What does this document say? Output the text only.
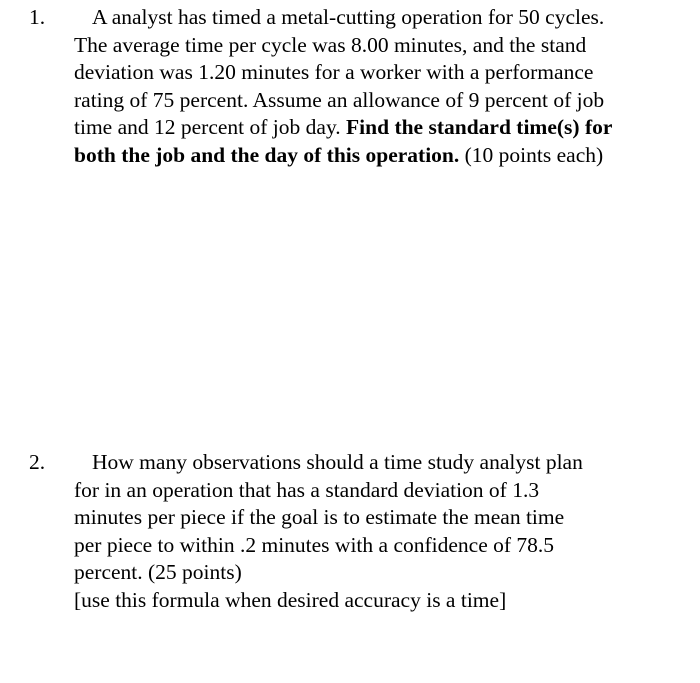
1.	A analyst has timed a metal-cutting operation for 50 cycles.
The average time per cycle was 8.00 minutes, and the stand
deviation was 1.20 minutes for a worker with a performance
rating of 75 percent. Assume an allowance of 9 percent of job
time and 12 percent of job day. Find the standard time(s) for
both the job and the day of this operation. (10 points each)
2.	How many observations should a time study analyst plan
for in an operation that has a standard deviation of 1.3
minutes per piece if the goal is to estimate the mean time
per piece to within .2 minutes with a confidence of 78.5
percent. (25 points)
[use this formula when desired accuracy is a time]
